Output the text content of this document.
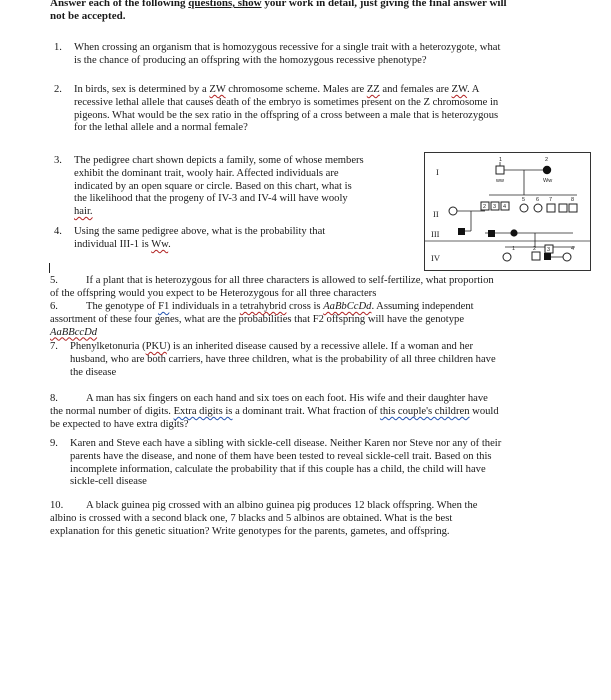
Answer each of the following questions, show your work in detail, just giving the final answer will
not be accepted.
1. When crossing an organism that is homozygous recessive for a single trait with a heterozygote, what
is the chance of producing an offspring with the homozygous recessive phenotype?
2. In birds, sex is determined by a ZW chromosome scheme. Males are ZZ and females are ZW. A
recessive lethal allele that causes death of the embryo is sometimes present on the Z chromosome in
pigeons. What would be the sex ratio in the offspring of a cross between a male that is heterozygous
for the lethal allele and a normal female?
3. The pedigree chart shown depicts a family, some of whose members
exhibit the dominant trait, wooly hair. Affected individuals are
indicated by an open square or circle. Based on this chart, what is
the likelihood that the progeny of IV-3 and IV-4 will have wooly
hair.
4. Using the same pedigree above, what is the probability that
individual III-1 is Ww.
I
II
III
IV
1	2
ww	Ww
2 3 4
5 6 7	8
1	2 3	4
5.	If a plant that is heterozygous for all three characters is allowed to self-fertilize, what proportion
of the offspring would you expect to be Heterozygous for all three characters
6.	The genotype of F1 individuals in a tetrahybrid cross is AaBbCcDd. Assuming independent
assortment of these four genes, what are the probabilities that F2 offspring will have the genotype
AaBBccDd
7. Phenylketonuria (PKU) is an inherited disease caused by a recessive allele. If a woman and her
husband, who are both carriers, have three children, what is the probability of all three children have
the disease
8.	A man has six fingers on each hand and six toes on each foot. His wife and their daughter have
the normal number of digits. Extra digits is a dominant trait. What fraction of this couple's children would
be expected to have extra digits?
9. Karen and Steve each have a sibling with sickle-cell disease. Neither Karen nor Steve nor any of their
parents have the disease, and none of them have been tested to reveal sickle-cell trait. Based on this
incomplete information, calculate the probability that if this couple has a child, the child will have
sickle-cell disease
10. A black guinea pig crossed with an albino guinea pig produces 12 black offspring. When the
albino is crossed with a second black one, 7 blacks and 5 albinos are obtained. What is the best
explanation for this genetic situation? Write genotypes for the parents, gametes, and offspring.
